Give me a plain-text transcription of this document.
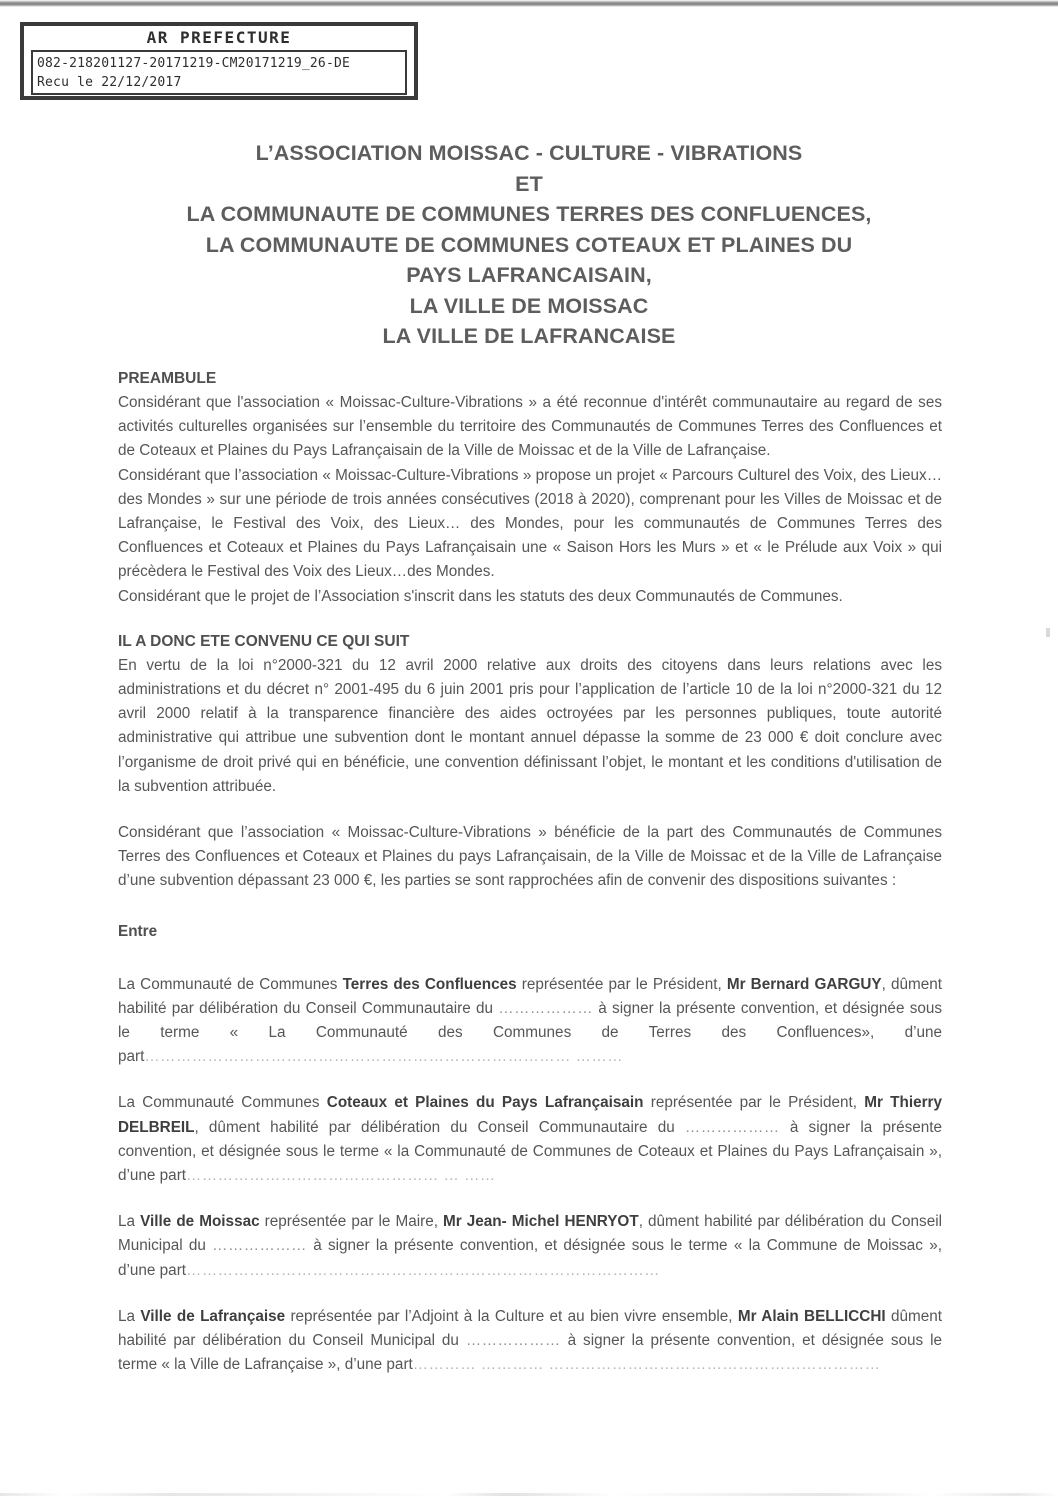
AR PREFECTURE
082-218201127-20171219-CM20171219_26-DE
Recu le 22/12/2017
L’ASSOCIATION MOISSAC - CULTURE - VIBRATIONS
ET
LA COMMUNAUTE DE COMMUNES TERRES DES CONFLUENCES,
LA COMMUNAUTE DE COMMUNES COTEAUX ET PLAINES DU
PAYS LAFRANCAISAIN,
LA VILLE DE MOISSAC
LA VILLE DE LAFRANCAISE
PREAMBULE

Considérant que l'association « Moissac-Culture-Vibrations » a été reconnue d'intérêt communautaire au regard de ses activités culturelles organisées sur l’ensemble du territoire des Communautés de Communes Terres des Confluences et de Coteaux et Plaines du Pays Lafrançaisain de la Ville de Moissac et de la Ville de Lafrançaise.

Considérant que l’association « Moissac-Culture-Vibrations » propose un projet « Parcours Culturel des Voix, des Lieux…des Mondes » sur une période de trois années consécutives (2018 à 2020), comprenant pour les Villes de Moissac et de Lafrançaise, le Festival des Voix, des Lieux… des Mondes, pour les communautés de Communes Terres des Confluences et Coteaux et Plaines du Pays Lafrançaisain une « Saison Hors les Murs » et « le Prélude aux Voix » qui précèdera le Festival des Voix des Lieux…des Mondes.

Considérant que le projet de l’Association s'inscrit dans les statuts des deux Communautés de Communes.

IL A DONC ETE CONVENU CE QUI SUIT

En vertu de la loi n°2000-321 du 12 avril 2000 relative aux droits des citoyens dans leurs relations avec les administrations et du décret n° 2001-495 du 6 juin 2001 pris pour l’application de l’article 10 de la loi n°2000-321 du 12 avril 2000 relatif à la transparence financière des aides octroyées par les personnes publiques, toute autorité administrative qui attribue une subvention dont le montant annuel dépasse la somme de 23 000 € doit conclure avec l’organisme de droit privé qui en bénéficie, une convention définissant l’objet, le montant et les conditions d'utilisation de la subvention attribuée.

Considérant que l’association « Moissac-Culture-Vibrations » bénéficie de la part des Communautés de Communes Terres des Confluences et Coteaux et Plaines du pays Lafrançaisain, de la Ville de Moissac et de la Ville de Lafrançaise d’une subvention dépassant 23 000 €, les parties se sont rapprochées afin de convenir des dispositions suivantes :

Entre

La Communauté de Communes Terres des Confluences représentée par le Président, Mr Bernard GARGUY, dûment habilité par délibération du Conseil Communautaire du ……………… à signer la présente convention, et désignée sous le terme « La Communauté des Communes de Terres des Confluences», d’une part……………………………………………………………………… ………

La Communauté Communes Coteaux et Plaines du Pays Lafrançaisain représentée par le Président, Mr Thierry DELBREIL, dûment habilité par délibération du Conseil Communautaire du ……………… à signer la présente convention, et désignée sous le terme « la Communauté de Communes de Coteaux et Plaines du Pays Lafrançaisain », d’une part………………………………………… … ……

La Ville de Moissac représentée par le Maire, Mr Jean- Michel HENRYOT, dûment habilité par délibération du Conseil Municipal du ……………… à signer la présente convention, et désignée sous le terme « la Commune de Moissac », d’une part………………………………………………………………………………

La Ville de Lafrançaise représentée par l’Adjoint à la Culture et au bien vivre ensemble, Mr Alain BELLICCHI dûment habilité par délibération du Conseil Municipal du ……………… à signer la présente convention, et désignée sous le terme « la Ville de Lafrançaise », d’une part………… ………… ………………………………………………………
